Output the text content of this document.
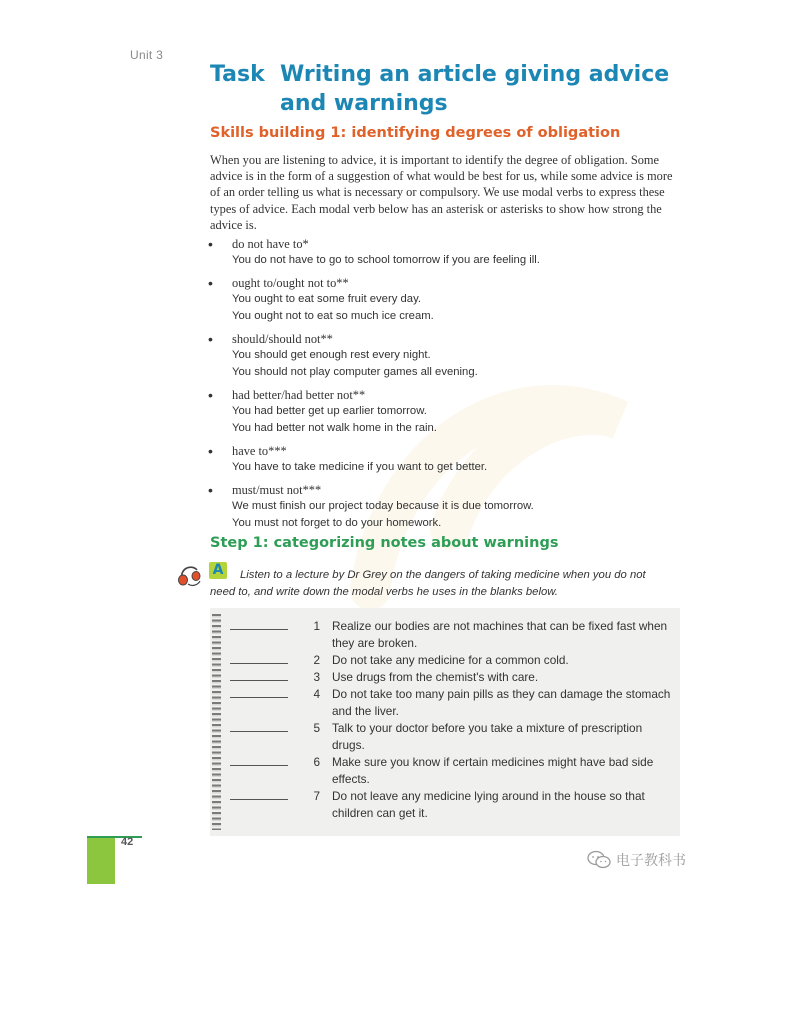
Unit 3
Task Writing an article giving advice
and warnings
Skills building 1: identifying degrees of obligation
When you are listening to advice, it is important to identify the degree of obligation. Some advice is in the form of a suggestion of what would be best for us, while some advice is more of an order telling us what is necessary or compulsory. We use modal verbs to express these types of advice. Each modal verb below has an asterisk or asterisks to show how strong the advice is.
• do not have to*
You do not have to go to school tomorrow if you are feeling ill.
• ought to/ought not to**
You ought to eat some fruit every day.
You ought not to eat so much ice cream.
• should/should not**
You should get enough rest every night.
You should not play computer games all evening.
• had better/had better not**
You had better get up earlier tomorrow.
You had better not walk home in the rain.
• have to***
You have to take medicine if you want to get better.
• must/must not***
We must finish our project today because it is due tomorrow.
You must not forget to do your homework.
Step 1: categorizing notes about warnings
A	Listen to a lecture by Dr Grey on the dangers of taking medicine when you do not need to, and write down the modal verbs he uses in the blanks below.
1 Realize our bodies are not machines that can be fixed fast when they are broken.
2 Do not take any medicine for a common cold.
3 Use drugs from the chemist's with care.
4 Do not take too many pain pills as they can damage the stomach and the liver.
5 Talk to your doctor before you take a mixture of prescription drugs.
6 Make sure you know if certain medicines might have bad side effects.
7 Do not leave any medicine lying around in the house so that children can get it.
42
电子教科书
